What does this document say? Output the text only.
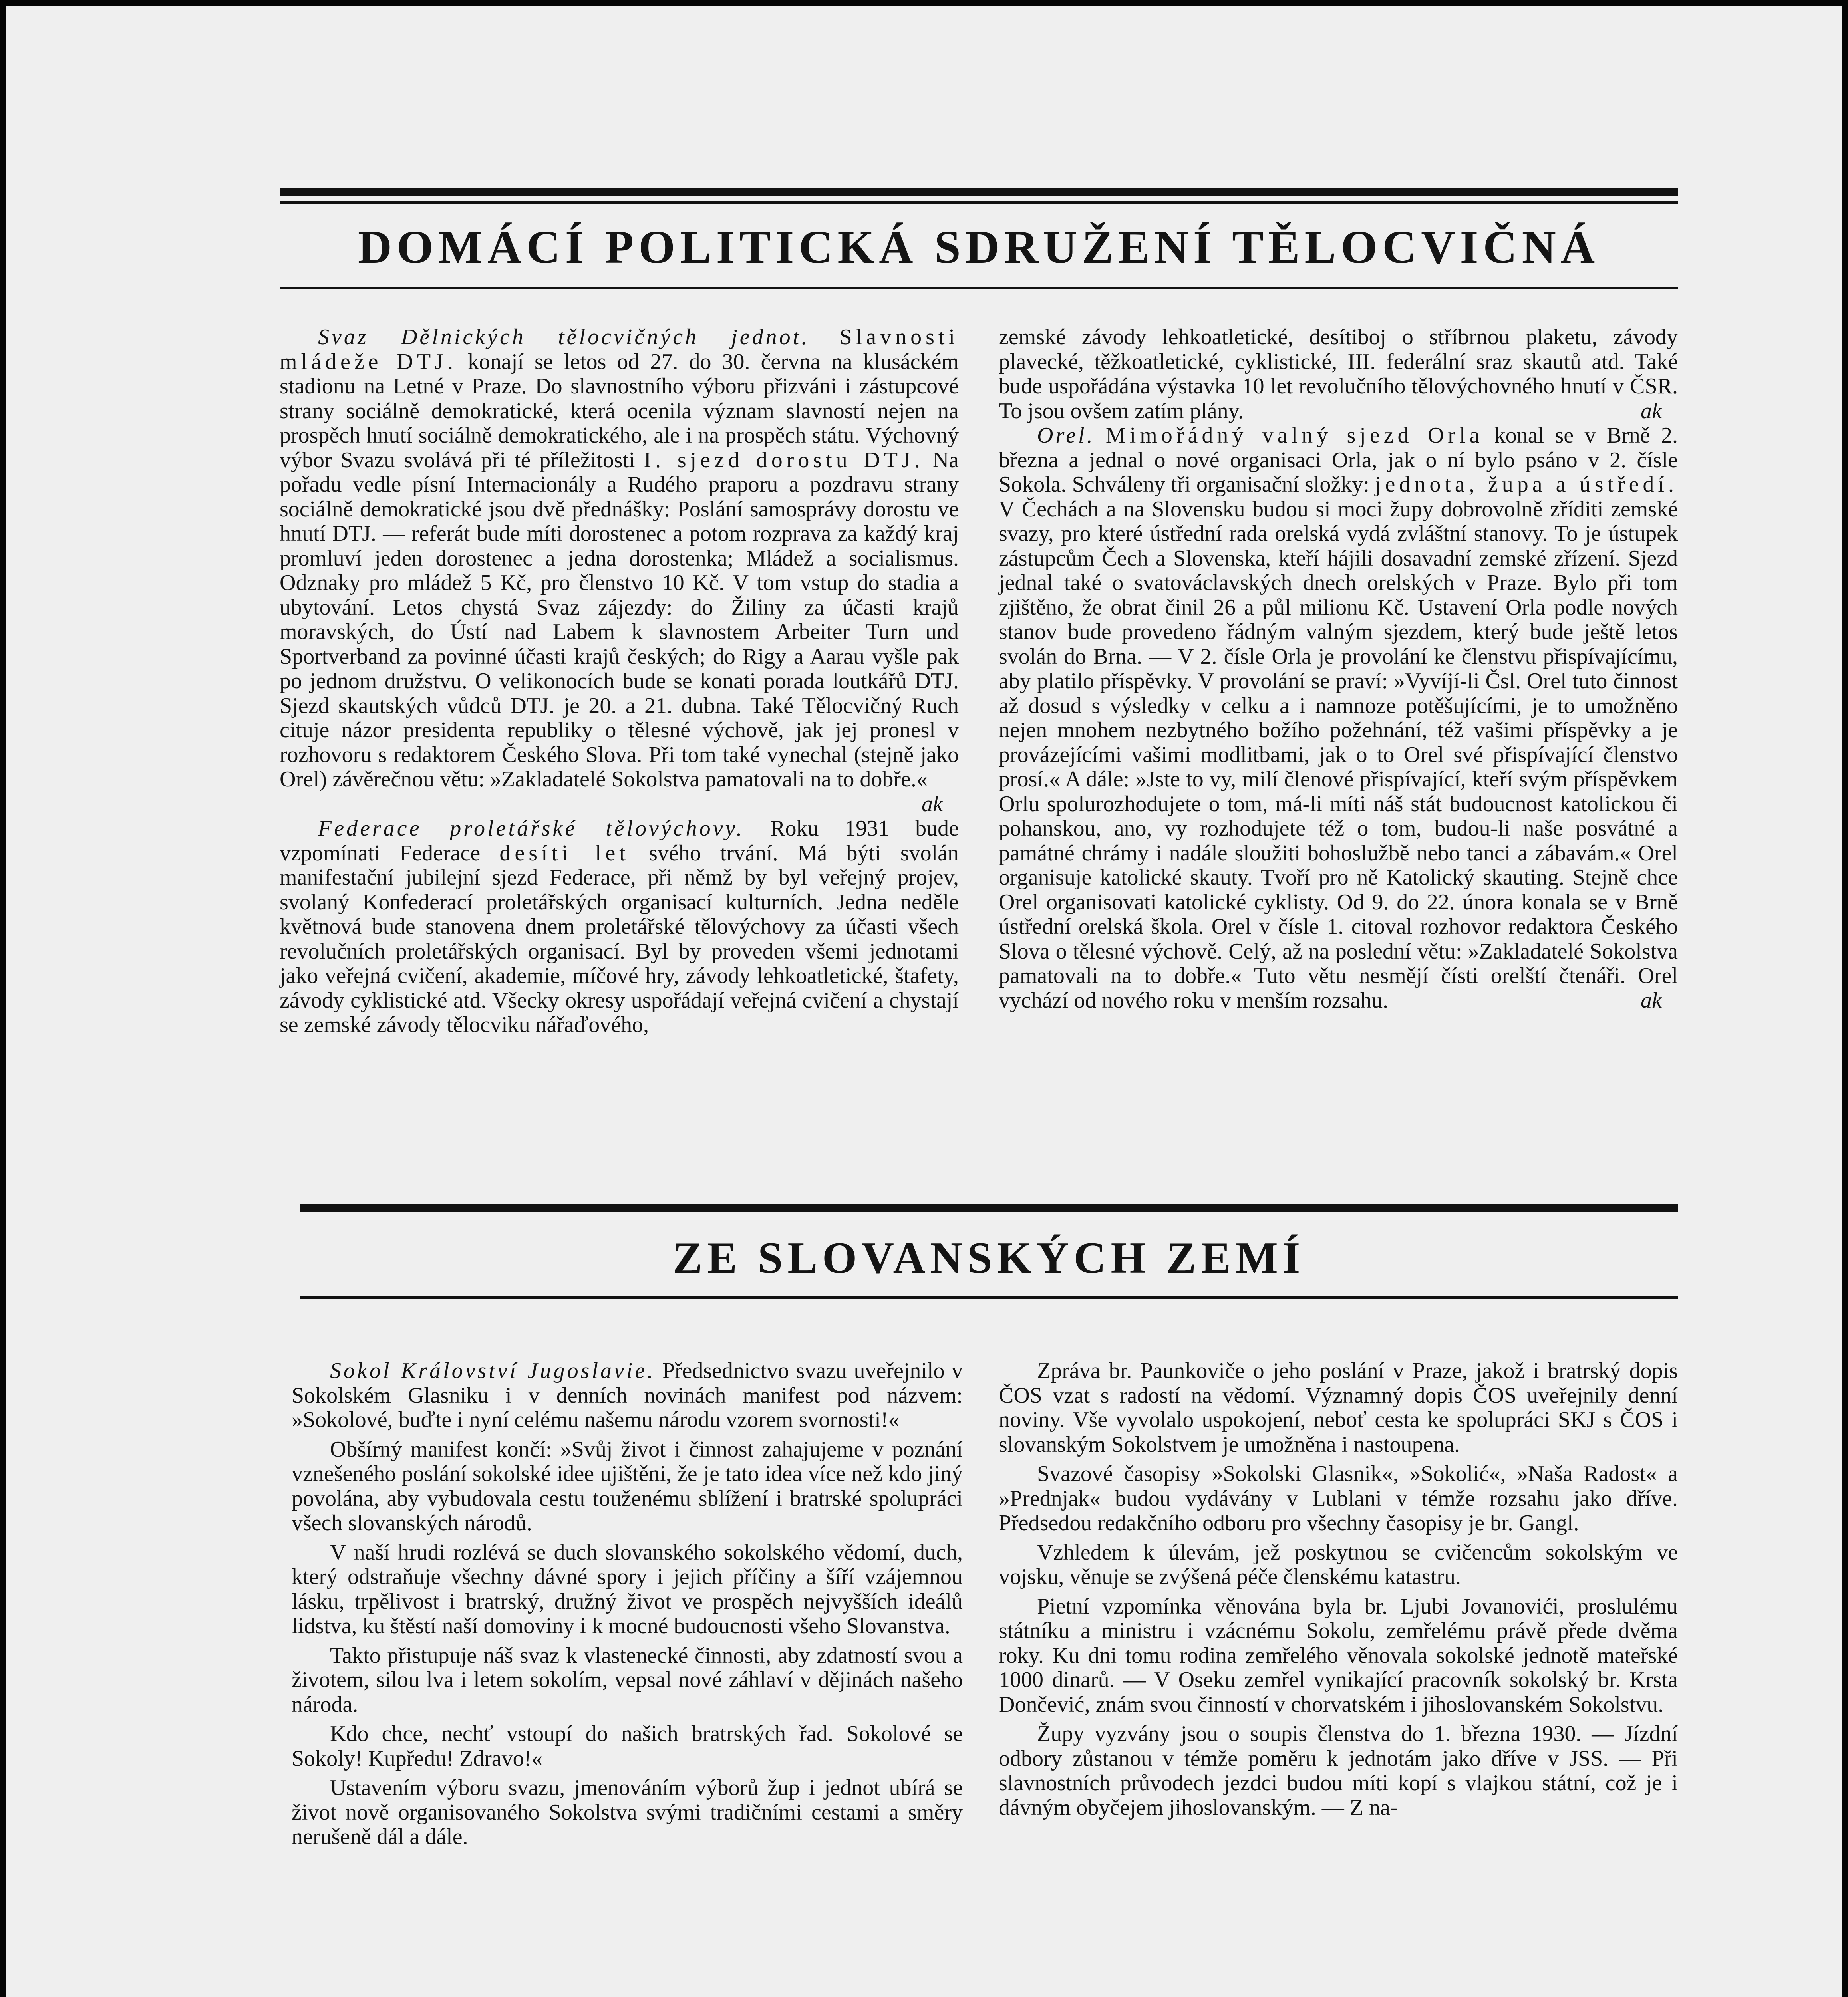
DOMÁCÍ POLITICKÁ SDRUŽENÍ TĚLOCVIČNÁ

Svaz Dělnických tělocvičných jednot. Slavnosti mládeže DTJ. konají se letos od 27. do 30. června na klusáckém stadionu na Letné v Praze. Do slavnostního výboru přizváni i zástupcové strany sociálně demokratické, která ocenila význam slavností nejen na prospěch hnutí sociálně demokratického, ale i na prospěch státu. Výchovný výbor Svazu svolává při té příležitosti I. sjezd dorostu DTJ. Na pořadu vedle písní Internacionály a Rudého praporu a pozdravu strany sociálně demokratické jsou dvě přednášky: Poslání samosprávy dorostu ve hnutí DTJ. — referát bude míti dorostenec a potom rozprava za každý kraj promluví jeden dorostenec a jedna dorostenka; Mládež a socialismus. Odznaky pro mládež 5 Kč, pro členstvo 10 Kč. V tom vstup do stadia a ubytování. Letos chystá Svaz zájezdy: do Žiliny za účasti krajů moravských, do Ústí nad Labem k slavnostem Arbeiter Turn und Sportverband za povinné účasti krajů českých; do Rigy a Aarau vyšle pak po jednom družstvu. O velikonocích bude se konati porada loutkářů DTJ. Sjezd skautských vůdců DTJ. je 20. a 21. dubna. Také Tělocvičný Ruch cituje názor presidenta republiky o tělesné výchově, jak jej pronesl v rozhovoru s redaktorem Českého Slova. Při tom také vynechal (stejně jako Orel) závěrečnou větu: »Zakladatelé Sokolstva pamatovali na to dobře.«
ak

Federace proletářské tělovýchovy. Roku 1931 bude vzpomínati Federace desíti let svého trvání. Má býti svolán manifestační jubilejní sjezd Federace, při němž by byl veřejný projev, svolaný Konfederací proletářských organisací kulturních. Jedna neděle květnová bude stanovena dnem proletářské tělovýchovy za účasti všech revolučních proletářských organisací. Byl by proveden všemi jednotami jako veřejná cvičení, akademie, míčové hry, závody lehkoatletické, štafety, závody cyklistické atd. Všecky okresy uspořádají veřejná cvičení a chystají se zemské závody tělocviku nářaďového,

zemské závody lehkoatletické, desítiboj o stříbrnou plaketu, závody plavecké, těžkoatletické, cyklistické, III. federální sraz skautů atd. Také bude uspořádána výstavka 10 let revolučního tělovýchovného hnutí v ČSR. To jsou ovšem zatím plány.	ak

Orel. Mimořádný valný sjezd Orla konal se v Brně 2. března a jednal o nové organisaci Orla, jak o ní bylo psáno v 2. čísle Sokola. Schváleny tři organisační složky: jednota, župa a ústředí. V Čechách a na Slovensku budou si moci župy dobrovolně zříditi zemské svazy, pro které ústřední rada orelská vydá zvláštní stanovy. To je ústupek zástupcům Čech a Slovenska, kteří hájili dosavadní zemské zřízení. Sjezd jednal také o svatováclavských dnech orelských v Praze. Bylo při tom zjištěno, že obrat činil 26 a půl milionu Kč. Ustavení Orla podle nových stanov bude provedeno řádným valným sjezdem, který bude ještě letos svolán do Brna. — V 2. čísle Orla je provolání ke členstvu přispívajícímu, aby platilo příspěvky. V provolání se praví: »Vyvíjí-li Čsl. Orel tuto činnost až dosud s výsledky v celku a i namnoze potěšujícími, je to umožněno nejen mnohem nezbytného božího požehnání, též vašimi příspěvky a je provázejícími vašimi modlitbami, jak o to Orel své přispívající členstvo prosí.« A dále: »Jste to vy, milí členové přispívající, kteří svým příspěvkem Orlu spolurozhodujete o tom, má-li míti náš stát budoucnost katolickou či pohanskou, ano, vy rozhodujete též o tom, budou-li naše posvátné a památné chrámy i nadále sloužiti bohoslužbě nebo tanci a zábavám.« Orel organisuje katolické skauty. Tvoří pro ně Katolický skauting. Stejně chce Orel organisovati katolické cyklisty. Od 9. do 22. února konala se v Brně ústřední orelská škola. Orel v čísle 1. citoval rozhovor redaktora Českého Slova o tělesné výchově. Celý, až na poslední větu: »Zakladatelé Sokolstva pamatovali na to dobře.« Tuto větu nesmějí čísti orelští čtenáři. Orel vychází od nového roku v menším rozsahu.	ak

ZE SLOVANSKÝCH ZEMÍ

Sokol Království Jugoslavie. Předsednictvo svazu uveřejnilo v Sokolském Glasniku i v denních novinách manifest pod názvem: »Sokolové, buďte i nyní celému našemu národu vzorem svornosti!«

Obšírný manifest končí: »Svůj život i činnost zahajujeme v poznání vznešeného poslání sokolské idee ujištěni, že je tato idea více než kdo jiný povolána, aby vybudovala cestu touženému sblížení i bratrské spolupráci všech slovanských národů.

V naší hrudi rozlévá se duch slovanského sokolského vědomí, duch, který odstraňuje všechny dávné spory i jejich příčiny a šíří vzájemnou lásku, trpělivost i bratrský, družný život ve prospěch nejvyšších ideálů lidstva, ku štěstí naší domoviny i k mocné budoucnosti všeho Slovanstva.

Takto přistupuje náš svaz k vlastenecké činnosti, aby zdatností svou a životem, silou lva i letem sokolím, vepsal nové záhlaví v dějinách našeho národa.

Kdo chce, nechť vstoupí do našich bratrských řad. Sokolové se Sokoly! Kupředu! Zdravo!«

Ustavením výboru svazu, jmenováním výborů žup i jednot ubírá se život nově organisovaného Sokolstva svými tradičními cestami a směry nerušeně dál a dále.

Zpráva br. Paunkoviče o jeho poslání v Praze, jakož i bratrský dopis ČOS vzat s radostí na vědomí. Významný dopis ČOS uveřejnily denní noviny. Vše vyvolalo uspokojení, neboť cesta ke spolupráci SKJ s ČOS i slovanským Sokolstvem je umožněna i nastoupena.

Svazové časopisy »Sokolski Glasnik«, »Sokolić«, »Naša Radost« a »Prednjak« budou vydávány v Lublani v témže rozsahu jako dříve. Předsedou redakčního odboru pro všechny časopisy je br. Gangl.

Vzhledem k úlevám, jež poskytnou se cvičencům sokolským ve vojsku, věnuje se zvýšená péče členskému katastru.

Pietní vzpomínka věnována byla br. Ljubi Jovanovići, proslulému státníku a ministru i vzácnému Sokolu, zemřelému právě přede dvěma roky. Ku dni tomu rodina zemřelého věnovala sokolské jednotě mateřské 1000 dinarů. — V Oseku zemřel vynikající pracovník sokolský br. Krsta Dončević, znám svou činností v chorvatském i jihoslovanském Sokolstvu.

Župy vyzvány jsou o soupis členstva do 1. března 1930. — Jízdní odbory zůstanou v témže poměru k jednotám jako dříve v JSS. — Při slavnostních průvodech jezdci budou míti kopí s vlajkou státní, což je i dávným obyčejem jihoslovanským. — Z na-
